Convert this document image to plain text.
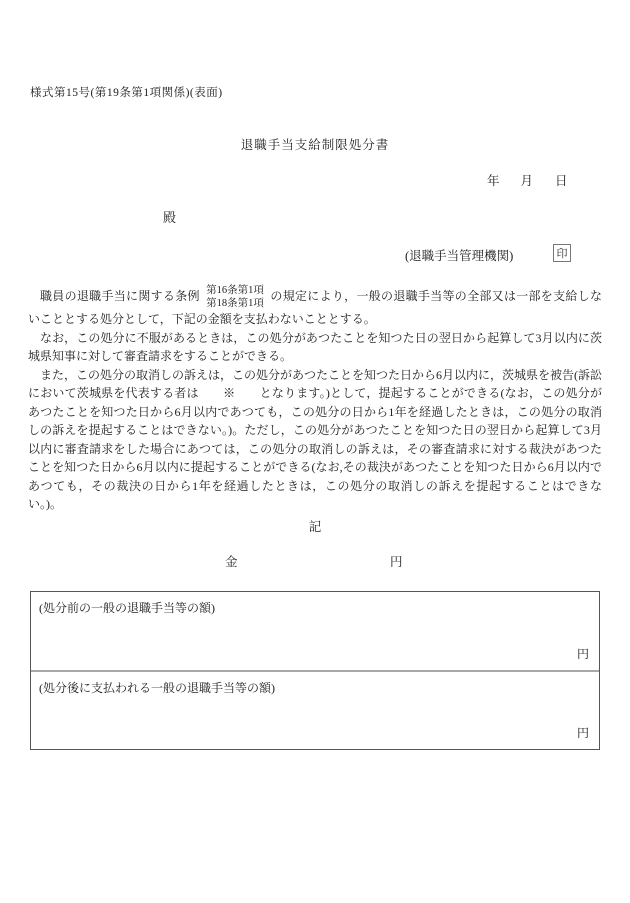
様式第15号(第19条第1項関係)(表面)
退職手当支給制限処分書
年 月 日
殿
(退職手当管理機関)	印

職員の退職手当に関する条例 第16条第1項
第18条第1項
の規定により，一般の退職手当等の全部又は一部を支給しないこととする処分として，下記の金額を支払わないこととする。

なお，この処分に不服があるときは，この処分があつたことを知つた日の翌日から起算して3月以内に茨城県知事に対して審査請求をすることができる。

また，この処分の取消しの訴えは，この処分があつたことを知つた日から6月以内に，茨城県を被告(訴訟において茨城県を代表する者は　　※　　となります。)として，提起することができる(なお，この処分があつたことを知つた日から6月以内であつても，この処分の日から1年を経過したときは，この処分の取消しの訴えを提起することはできない。)。ただし，この処分があつたことを知つた日の翌日から起算して3月以内に審査請求をした場合にあつては，この処分の取消しの訴えは，その審査請求に対する裁決があつたことを知つた日から6月以内に提起することができる(なお,その裁決があつたことを知つた日から6月以内であつても，その裁決の日から1年を経過したときは，この処分の取消しの訴えを提起することはできない。)。

記
金	円
(処分前の一般の退職手当等の額)
円
(処分後に支払われる一般の退職手当等の額)
円
